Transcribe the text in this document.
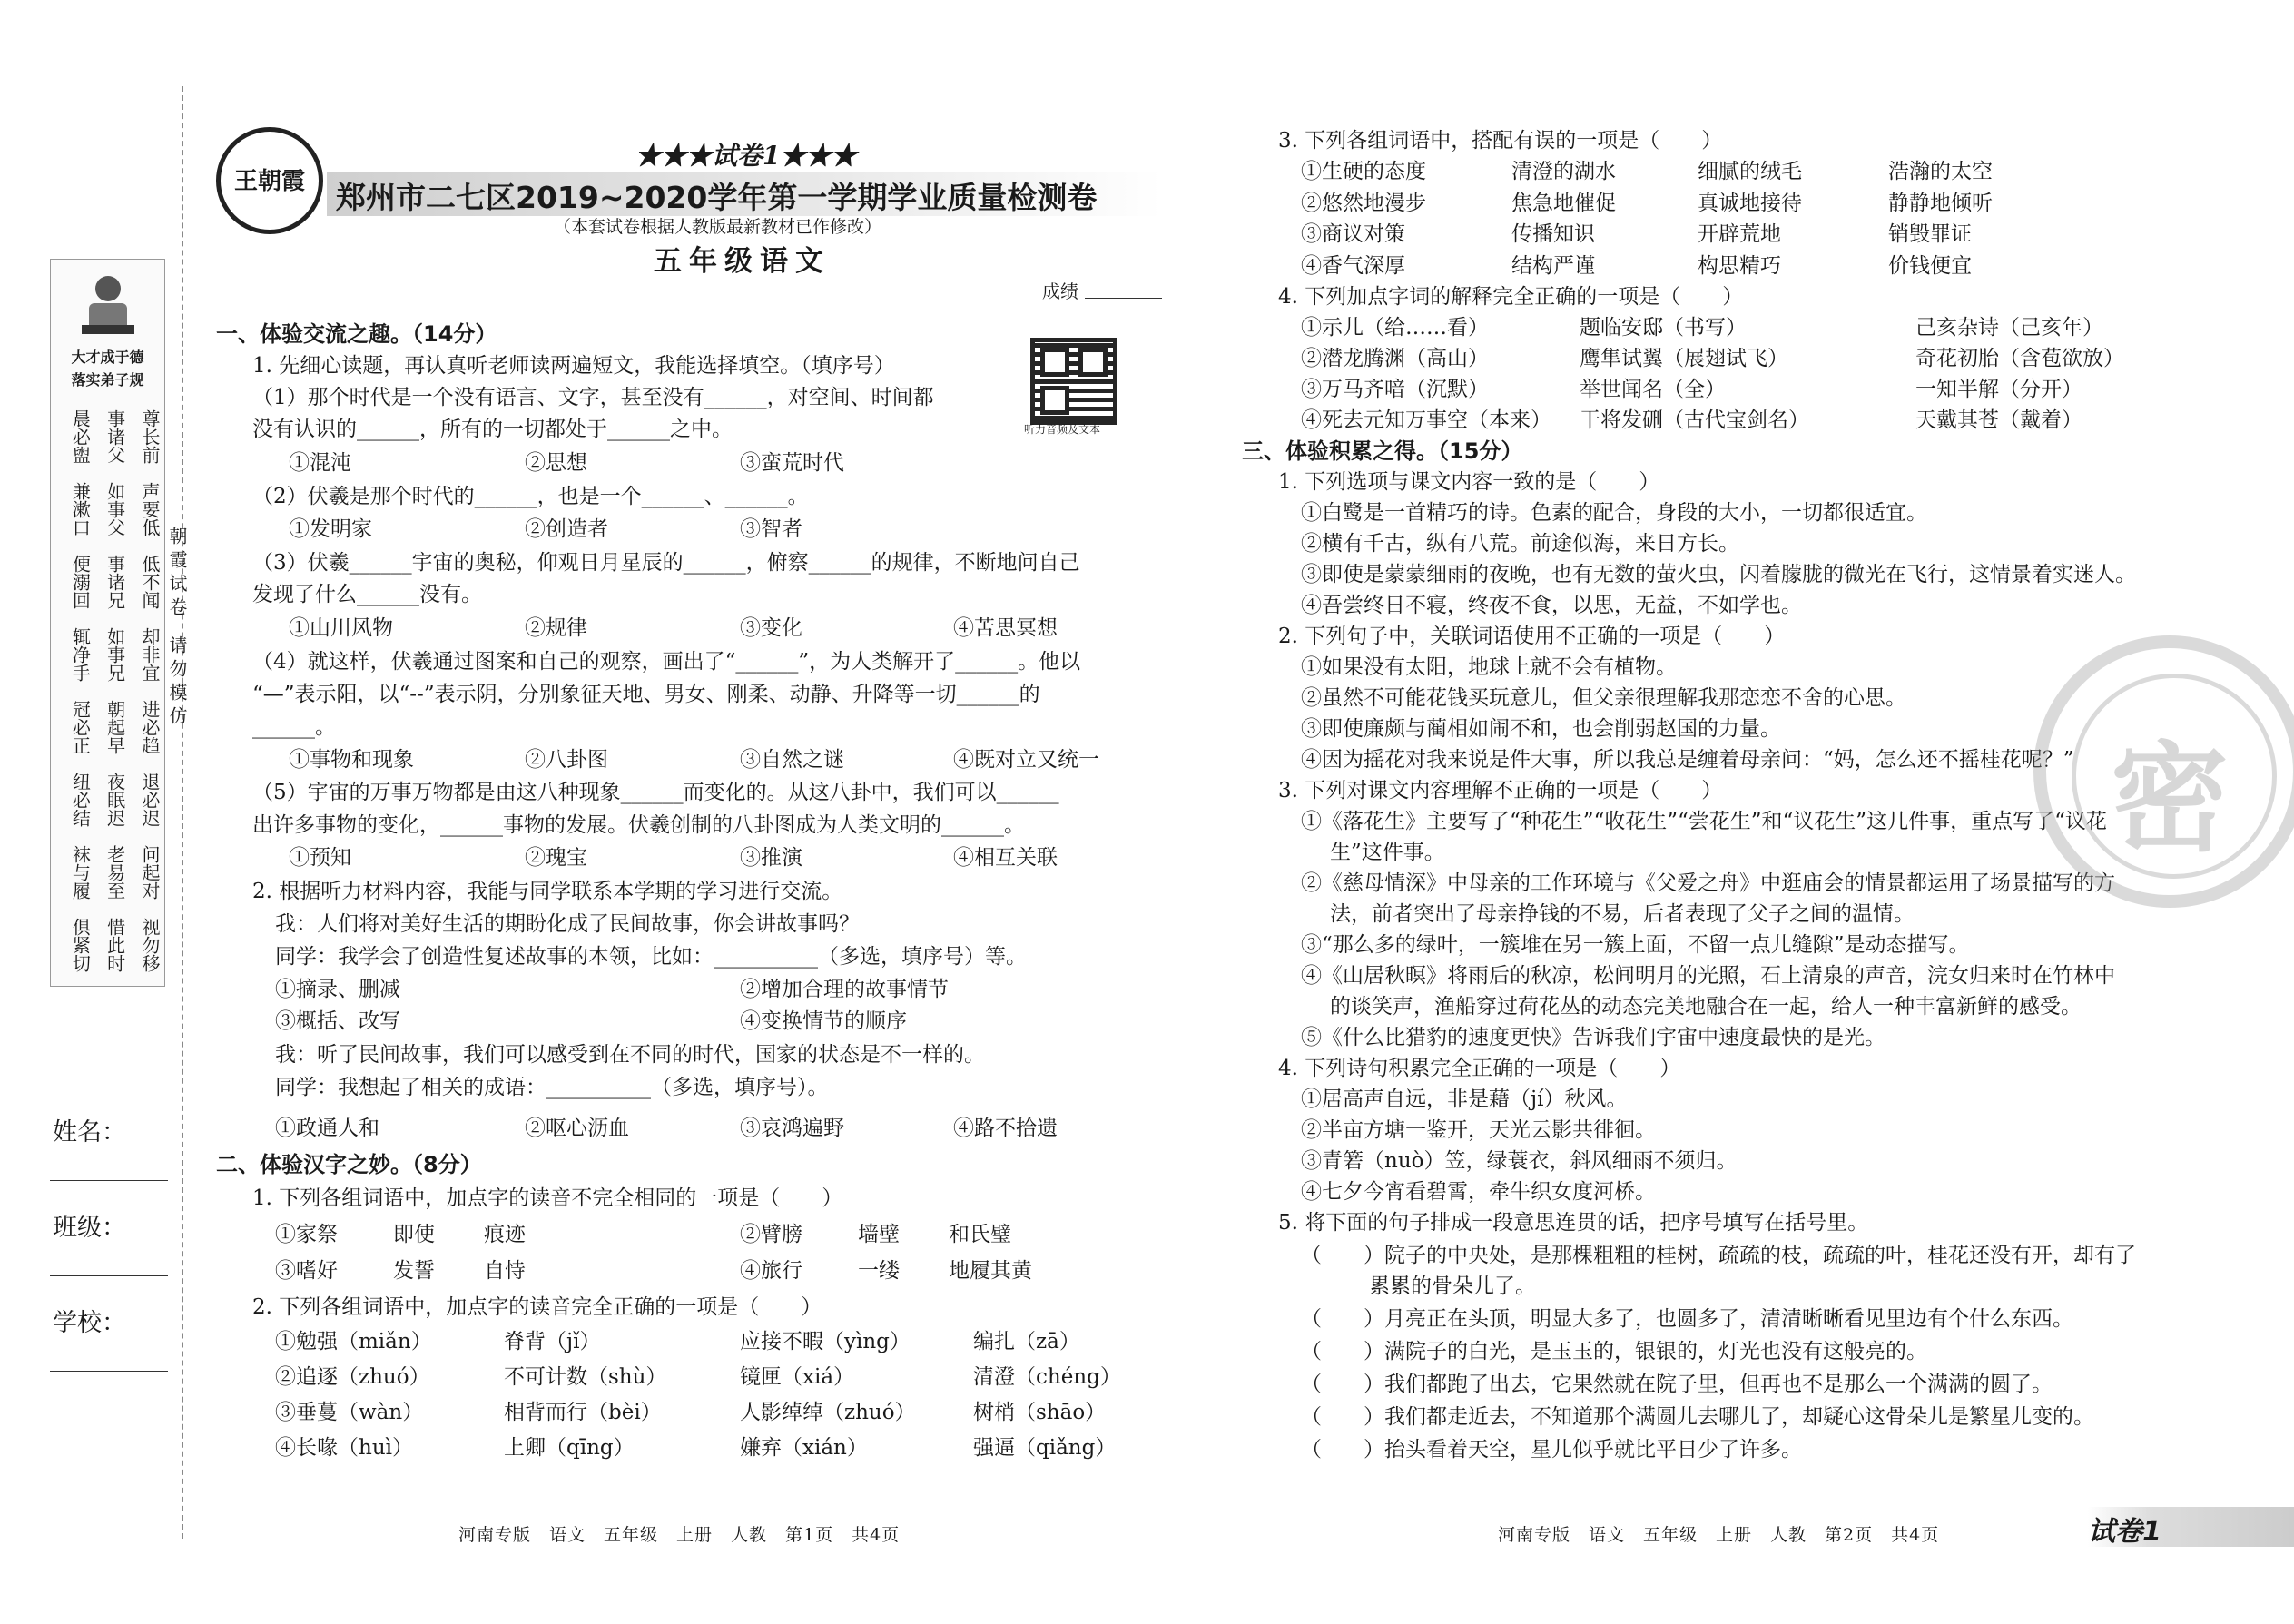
大才成于德
落实弟子规
晨必盥 事诸父 尊长前
兼漱口 如事父 声要低
便溺回 事诸兄 低不闻
辄净手 如事兄 却非宜
冠必正 朝起早 进必趋
纽必结 夜眠迟 退必迟
袜与履 老易至 问起对
俱紧切 惜此时 视勿移
朝霞试卷
请勿模仿
姓名：
班级：
学校：
王朝霞
★★★试卷1★★★
郑州市二七区2019~2020学年第一学期学业质量检测卷
（本套试卷根据人教版最新教材已作修改）
五年级语文
成绩
听力音频及文本
一、体验交流之趣。（14分）
1. 先细心读题，再认真听老师读两遍短文，我能选择填空。（填序号）
（1）那个时代是一个没有语言、文字，甚至没有______，对空间、时间都
没有认识的______，所有的一切都处于______之中。
①混沌	②思想	③蛮荒时代
（2）伏羲是那个时代的______，也是一个______、______。
①发明家	②创造者	③智者
（3）伏羲______宇宙的奥秘，仰观日月星辰的______，俯察______的规律，不断地问自己
发现了什么______没有。
①山川风物	②规律	③变化	④苦思冥想
（4）就这样，伏羲通过图案和自己的观察，画出了“______”，为人类解开了______。他以
“—”表示阳，以“--”表示阴，分别象征天地、男女、刚柔、动静、升降等一切______的
______。
①事物和现象	②八卦图	③自然之谜	④既对立又统一
（5）宇宙的万事万物都是由这八种现象______而变化的。从这八卦中，我们可以______
出许多事物的变化，______事物的发展。伏羲创制的八卦图成为人类文明的______。
①预知	②瑰宝	③推演	④相互关联
2. 根据听力材料内容，我能与同学联系本学期的学习进行交流。
我：人们将对美好生活的期盼化成了民间故事，你会讲故事吗？
同学：我学会了创造性复述故事的本领，比如：__________（多选，填序号）等。
①摘录、删减	②增加合理的故事情节
③概括、改写	④变换情节的顺序
我：听了民间故事，我们可以感受到在不同的时代，国家的状态是不一样的。
同学：我想起了相关的成语：__________（多选，填序号）。
①政通人和	②呕心沥血	③哀鸿遍野	④路不拾遗
二、体验汉字之妙。（8分）
1. 下列各组词语中，加点字的读音不完全相同的一项是（　　）
①家祭	即使 痕迹	②臂膀	墙壁 和氏璧
③嗜好	发誓 自恃	④旅行	一缕 地履其黄
2. 下列各组词语中，加点字的读音完全正确的一项是（　　）
①勉强（miǎn）	脊背（jǐ）	应接不暇（yìng）	编扎（zā）
②追逐（zhuó）	不可计数（shù）	镜匣（xiá）	清澄（chéng）
③垂蔓（wàn）	相背而行（bèi）	人影绰绰（zhuó）	树梢（shāo）
④长喙（huì）	上卿（qīng）	嫌弃（xián）	强逼（qiǎng）
河南专版　语文　五年级　上册　人教　第1页　共4页
3. 下列各组词语中，搭配有误的一项是（　　）
①生硬的态度	清澄的湖水	细腻的绒毛	浩瀚的太空
②悠然地漫步	焦急地催促	真诚地接待	静静地倾听
③商议对策	传播知识	开辟荒地	销毁罪证
④香气深厚	结构严谨	构思精巧	价钱便宜
4. 下列加点字词的解释完全正确的一项是（　　）
①示儿（给……看）	题临安邸（书写）	己亥杂诗（己亥年）
②潜龙腾渊（高山）	鹰隼试翼（展翅试飞）	奇花初胎（含苞欲放）
③万马齐喑（沉默）	举世闻名（全）	一知半解（分开）
④死去元知万事空（本来） 干将发硎（古代宝剑名）	天戴其苍（戴着）
三、体验积累之得。（15分）
1. 下列选项与课文内容一致的是（　　）
①白鹭是一首精巧的诗。色素的配合，身段的大小，一切都很适宜。
②横有千古，纵有八荒。前途似海，来日方长。
③即使是蒙蒙细雨的夜晚，也有无数的萤火虫，闪着朦胧的微光在飞行，这情景着实迷人。
④吾尝终日不寝，终夜不食，以思，无益，不如学也。
2. 下列句子中，关联词语使用不正确的一项是（　　）
①如果没有太阳，地球上就不会有植物。
②虽然不可能花钱买玩意儿，但父亲很理解我那恋恋不舍的心思。
③即使廉颇与蔺相如闹不和，也会削弱赵国的力量。
④因为摇花对我来说是件大事，所以我总是缠着母亲问：“妈，怎么还不摇桂花呢？”
3. 下列对课文内容理解不正确的一项是（　　）
①《落花生》主要写了“种花生”“收花生”“尝花生”和“议花生”这几件事，重点写了“议花
生”这件事。
②《慈母情深》中母亲的工作环境与《父爱之舟》中逛庙会的情景都运用了场景描写的方
法，前者突出了母亲挣钱的不易，后者表现了父子之间的温情。
③“那么多的绿叶，一簇堆在另一簇上面，不留一点儿缝隙”是动态描写。
④《山居秋暝》将雨后的秋凉，松间明月的光照，石上清泉的声音，浣女归来时在竹林中
的谈笑声，渔船穿过荷花丛的动态完美地融合在一起，给人一种丰富新鲜的感受。
⑤《什么比猎豹的速度更快》告诉我们宇宙中速度最快的是光。
4. 下列诗句积累完全正确的一项是（　　）
①居高声自远，非是藉（jí）秋风。
②半亩方塘一鉴开，天光云影共徘徊。
③青箬（nuò）笠，绿蓑衣，斜风细雨不须归。
④七夕今宵看碧霄，牵牛织女度河桥。
5. 将下面的句子排成一段意思连贯的话，把序号填写在括号里。
（　　）院子的中央处，是那棵粗粗的桂树，疏疏的枝，疏疏的叶，桂花还没有开，却有了
累累的骨朵儿了。
（　　）月亮正在头顶，明显大多了，也圆多了，清清晰晰看见里边有个什么东西。
（　　）满院子的白光，是玉玉的，银银的，灯光也没有这般亮的。
（　　）我们都跑了出去，它果然就在院子里，但再也不是那么一个满满的圆了。
（　　）我们都走近去，不知道那个满圆儿去哪儿了，却疑心这骨朵儿是繁星儿变的。
（　　）抬头看着天空，星儿似乎就比平日少了许多。
密
河南专版　语文　五年级　上册　人教　第2页　共4页	试卷1
